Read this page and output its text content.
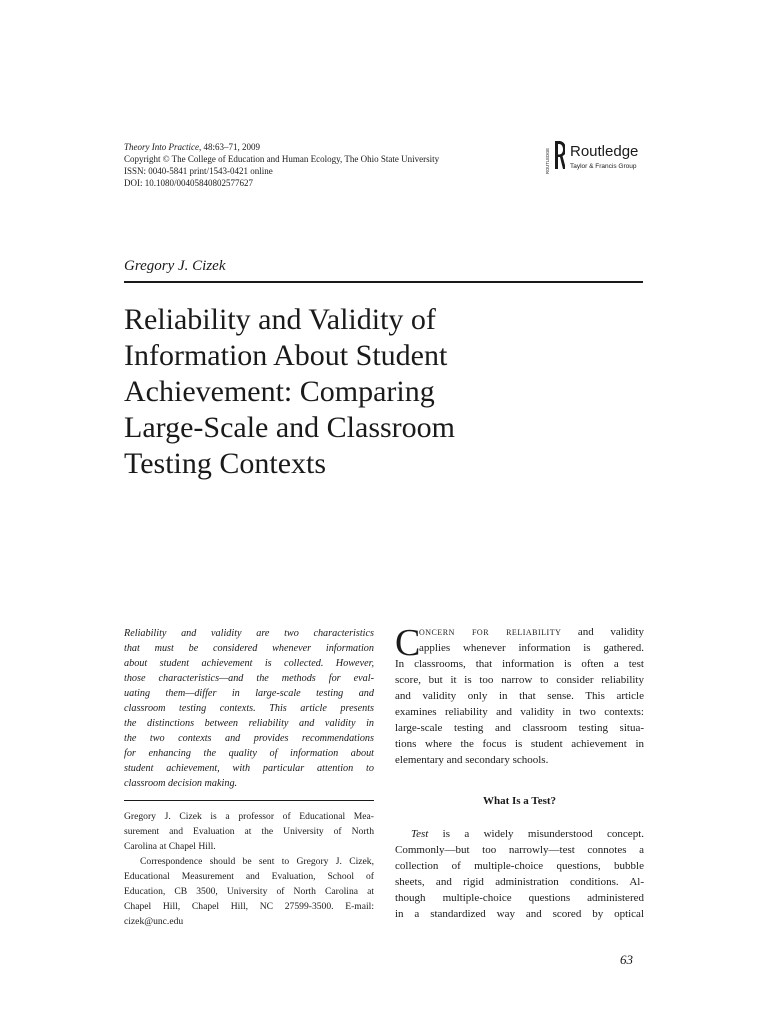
Theory Into Practice, 48:63–71, 2009
Copyright © The College of Education and Human Ecology, The Ohio State University
ISSN: 0040-5841 print/1543-0421 online
DOI: 10.1080/00405840802577627
ROUTLEDGE Routledge
Taylor & Francis Group
Gregory J. Cizek
Reliability and Validity of
Information About Student
Achievement: Comparing
Large-Scale and Classroom
Testing Contexts
Reliability and validity are two characteristics
that must be considered whenever information
about student achievement is collected. However,
those characteristics—and the methods for eval-
uating them—differ in large-scale testing and
classroom testing contexts. This article presents
the distinctions between reliability and validity in
the two contexts and provides recommendations
for enhancing the quality of information about
student achievement, with particular attention to
classroom decision making.
Gregory J. Cizek is a professor of Educational Mea-
surement and Evaluation at the University of North
Carolina at Chapel Hill.
Correspondence should be sent to Gregory J. Cizek,
Educational Measurement and Evaluation, School of
Education, CB 3500, University of North Carolina at
Chapel Hill, Chapel Hill, NC 27599-3500. E-mail:
cizek@unc.edu
C
oncern for reliability and validity
applies whenever information is gathered.
In classrooms, that information is often a test
score, but it is too narrow to consider reliability
and validity only in that sense. This article
examines reliability and validity in two contexts:
large-scale testing and classroom testing situa-
tions where the focus is student achievement in
elementary and secondary schools.
What Is a Test?
Test is a widely misunderstood concept.
Commonly—but too narrowly—test connotes a
collection of multiple-choice questions, bubble
sheets, and rigid administration conditions. Al-
though multiple-choice questions administered
in a standardized way and scored by optical
63
